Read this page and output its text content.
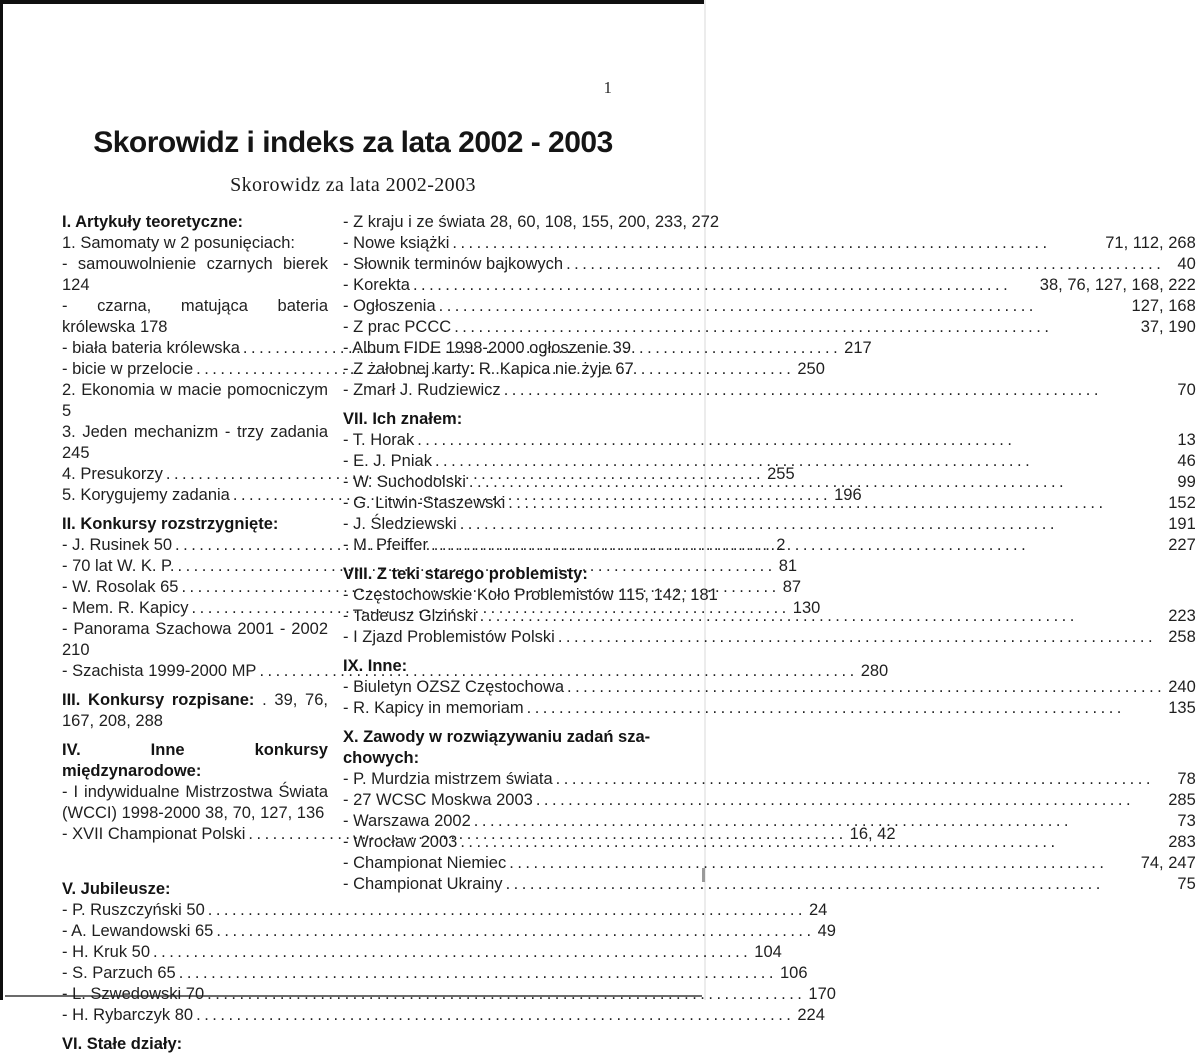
1
Skorowidz i indeks za lata 2002 - 2003
Skorowidz za lata 2002-2003
I. Artykuły teoretyczne:
1. Samomaty w 2 posunięciach:
- samouwolnienie czarnych bierek 124
- czarna, matująca bateria królewska 178
- biała bateria królewska .....	217
- bicie w przelocie .....	250
2. Ekonomia w macie pomocniczym 5
3. Jeden mechanizm - trzy zadania 245
4. Presukorzy .....	255
5. Korygujemy zadania .....	196
II. Konkursy rozstrzygnięte:
- J. Rusinek 50 .....	2
- 70 lat W. K. P. .....	81
- W. Rosolak 65 .....	87
- Mem. R. Kapicy .....	130
- Panorama Szachowa 2001 - 2002 210
- Szachista 1999-2000 MP .....	280
III. Konkursy rozpisane: . 39, 76, 167, 208, 288
IV. Inne konkursy międzynarodowe:
- I indywidualne Mistrzostwa Świata (WCCI) 1998-2000 38, 70, 127, 136
- XVII Championat Polski .....	16, 42
V. Jubileusze:
- P. Ruszczyński 50 .....	24
- A. Lewandowski 65 .....	49
- H. Kruk 50 .....	104
- S. Parzuch 65 .....	106
- L. Szwedowski 70 .....	170
- H. Rybarczyk 80 .....	224
VI. Stałe działy:
- Z kraju i ze świata 28, 60, 108, 155, 200, 233, 272
- Nowe książki .....	71, 112, 268
- Słownik terminów bajkowych .....	40
- Korekta .....	38, 76, 127, 168, 222
- Ogłoszenia .....	127, 168
- Z prac PCCC .....	37, 190
- Album FIDE 1998-2000 ogłoszenie 39
- Z żałobnej karty: R. Kapica nie żyje 67
- Zmarł J. Rudziewicz .....	70
VII. Ich znałem:
- T. Horak .....	13
- E. J. Pniak .....	46
- W. Suchodolski .....	99
- G. Litwin-Staszewski .....	152
- J. Śledziewski .....	191
- M. Pfeiffer .....	227
VIII. Z teki starego problemisty:
- Częstochowskie Koło Problemistów 115, 142, 181
- Tadeusz Glziński .....	223
- I Zjazd Problemistów Polski .....	258
IX. Inne:
- Biuletyn OZSZ Częstochowa .....	240
- R. Kapicy in memoriam .....	135
X. Zawody w rozwiązywaniu zadań sza-
chowych:
- P. Murdzia mistrzem świata .....	78
- 27 WCSC Moskwa 2003 .....	285
- Warszawa 2002 .....	73
- Wrocław 2003 .....	283
- Championat Niemiec .....	74, 247
- Championat Ukrainy .....	75
